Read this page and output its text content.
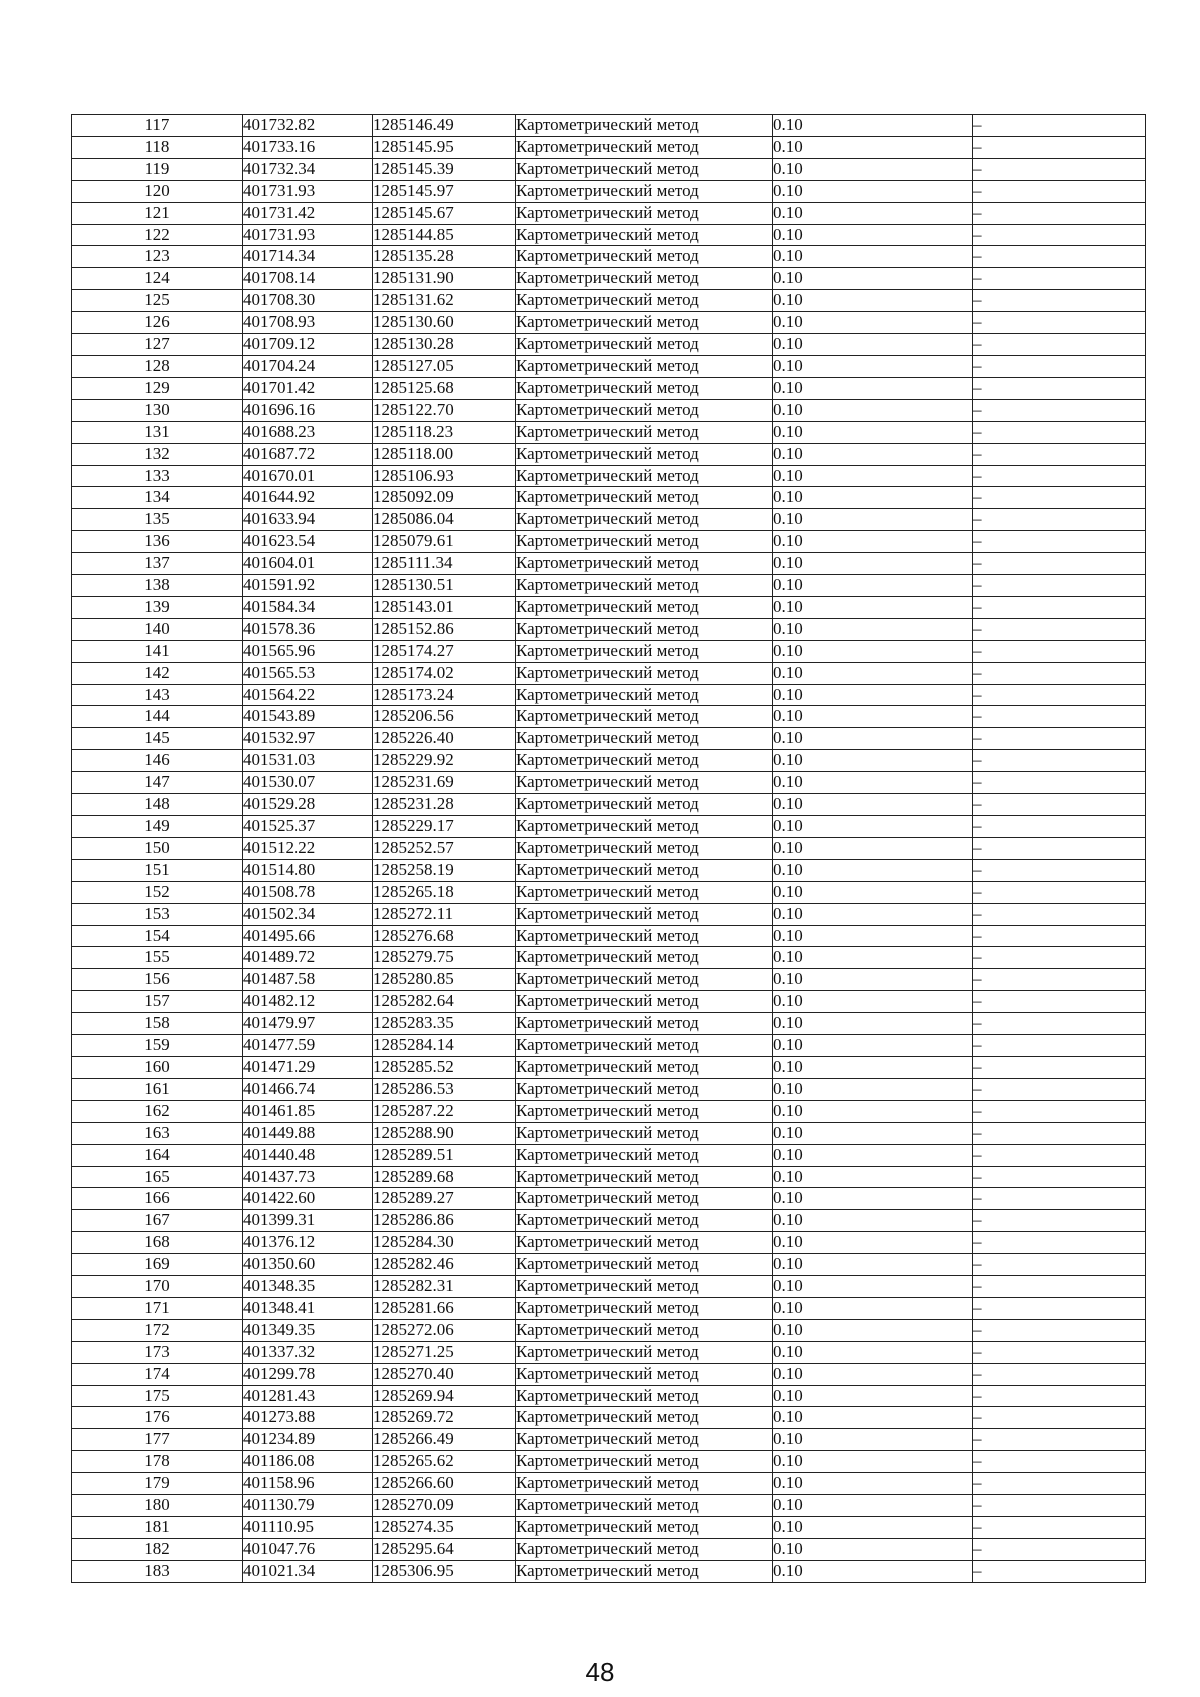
117	401732.82	1285146.49	Картометрический метод	0.10	–
118	401733.16	1285145.95	Картометрический метод	0.10	–
119	401732.34	1285145.39	Картометрический метод	0.10	–
120	401731.93	1285145.97	Картометрический метод	0.10	–
121	401731.42	1285145.67	Картометрический метод	0.10	–
122	401731.93	1285144.85	Картометрический метод	0.10	–
123	401714.34	1285135.28	Картометрический метод	0.10	–
124	401708.14	1285131.90	Картометрический метод	0.10	–
125	401708.30	1285131.62	Картометрический метод	0.10	–
126	401708.93	1285130.60	Картометрический метод	0.10	–
127	401709.12	1285130.28	Картометрический метод	0.10	–
128	401704.24	1285127.05	Картометрический метод	0.10	–
129	401701.42	1285125.68	Картометрический метод	0.10	–
130	401696.16	1285122.70	Картометрический метод	0.10	–
131	401688.23	1285118.23	Картометрический метод	0.10	–
132	401687.72	1285118.00	Картометрический метод	0.10	–
133	401670.01	1285106.93	Картометрический метод	0.10	–
134	401644.92	1285092.09	Картометрический метод	0.10	–
135	401633.94	1285086.04	Картометрический метод	0.10	–
136	401623.54	1285079.61	Картометрический метод	0.10	–
137	401604.01	1285111.34	Картометрический метод	0.10	–
138	401591.92	1285130.51	Картометрический метод	0.10	–
139	401584.34	1285143.01	Картометрический метод	0.10	–
140	401578.36	1285152.86	Картометрический метод	0.10	–
141	401565.96	1285174.27	Картометрический метод	0.10	–
142	401565.53	1285174.02	Картометрический метод	0.10	–
143	401564.22	1285173.24	Картометрический метод	0.10	–
144	401543.89	1285206.56	Картометрический метод	0.10	–
145	401532.97	1285226.40	Картометрический метод	0.10	–
146	401531.03	1285229.92	Картометрический метод	0.10	–
147	401530.07	1285231.69	Картометрический метод	0.10	–
148	401529.28	1285231.28	Картометрический метод	0.10	–
149	401525.37	1285229.17	Картометрический метод	0.10	–
150	401512.22	1285252.57	Картометрический метод	0.10	–
151	401514.80	1285258.19	Картометрический метод	0.10	–
152	401508.78	1285265.18	Картометрический метод	0.10	–
153	401502.34	1285272.11	Картометрический метод	0.10	–
154	401495.66	1285276.68	Картометрический метод	0.10	–
155	401489.72	1285279.75	Картометрический метод	0.10	–
156	401487.58	1285280.85	Картометрический метод	0.10	–
157	401482.12	1285282.64	Картометрический метод	0.10	–
158	401479.97	1285283.35	Картометрический метод	0.10	–
159	401477.59	1285284.14	Картометрический метод	0.10	–
160	401471.29	1285285.52	Картометрический метод	0.10	–
161	401466.74	1285286.53	Картометрический метод	0.10	–
162	401461.85	1285287.22	Картометрический метод	0.10	–
163	401449.88	1285288.90	Картометрический метод	0.10	–
164	401440.48	1285289.51	Картометрический метод	0.10	–
165	401437.73	1285289.68	Картометрический метод	0.10	–
166	401422.60	1285289.27	Картометрический метод	0.10	–
167	401399.31	1285286.86	Картометрический метод	0.10	–
168	401376.12	1285284.30	Картометрический метод	0.10	–
169	401350.60	1285282.46	Картометрический метод	0.10	–
170	401348.35	1285282.31	Картометрический метод	0.10	–
171	401348.41	1285281.66	Картометрический метод	0.10	–
172	401349.35	1285272.06	Картометрический метод	0.10	–
173	401337.32	1285271.25	Картометрический метод	0.10	–
174	401299.78	1285270.40	Картометрический метод	0.10	–
175	401281.43	1285269.94	Картометрический метод	0.10	–
176	401273.88	1285269.72	Картометрический метод	0.10	–
177	401234.89	1285266.49	Картометрический метод	0.10	–
178	401186.08	1285265.62	Картометрический метод	0.10	–
179	401158.96	1285266.60	Картометрический метод	0.10	–
180	401130.79	1285270.09	Картометрический метод	0.10	–
181	401110.95	1285274.35	Картометрический метод	0.10	–
182	401047.76	1285295.64	Картометрический метод	0.10	–
183	401021.34	1285306.95	Картометрический метод	0.10	–
48
